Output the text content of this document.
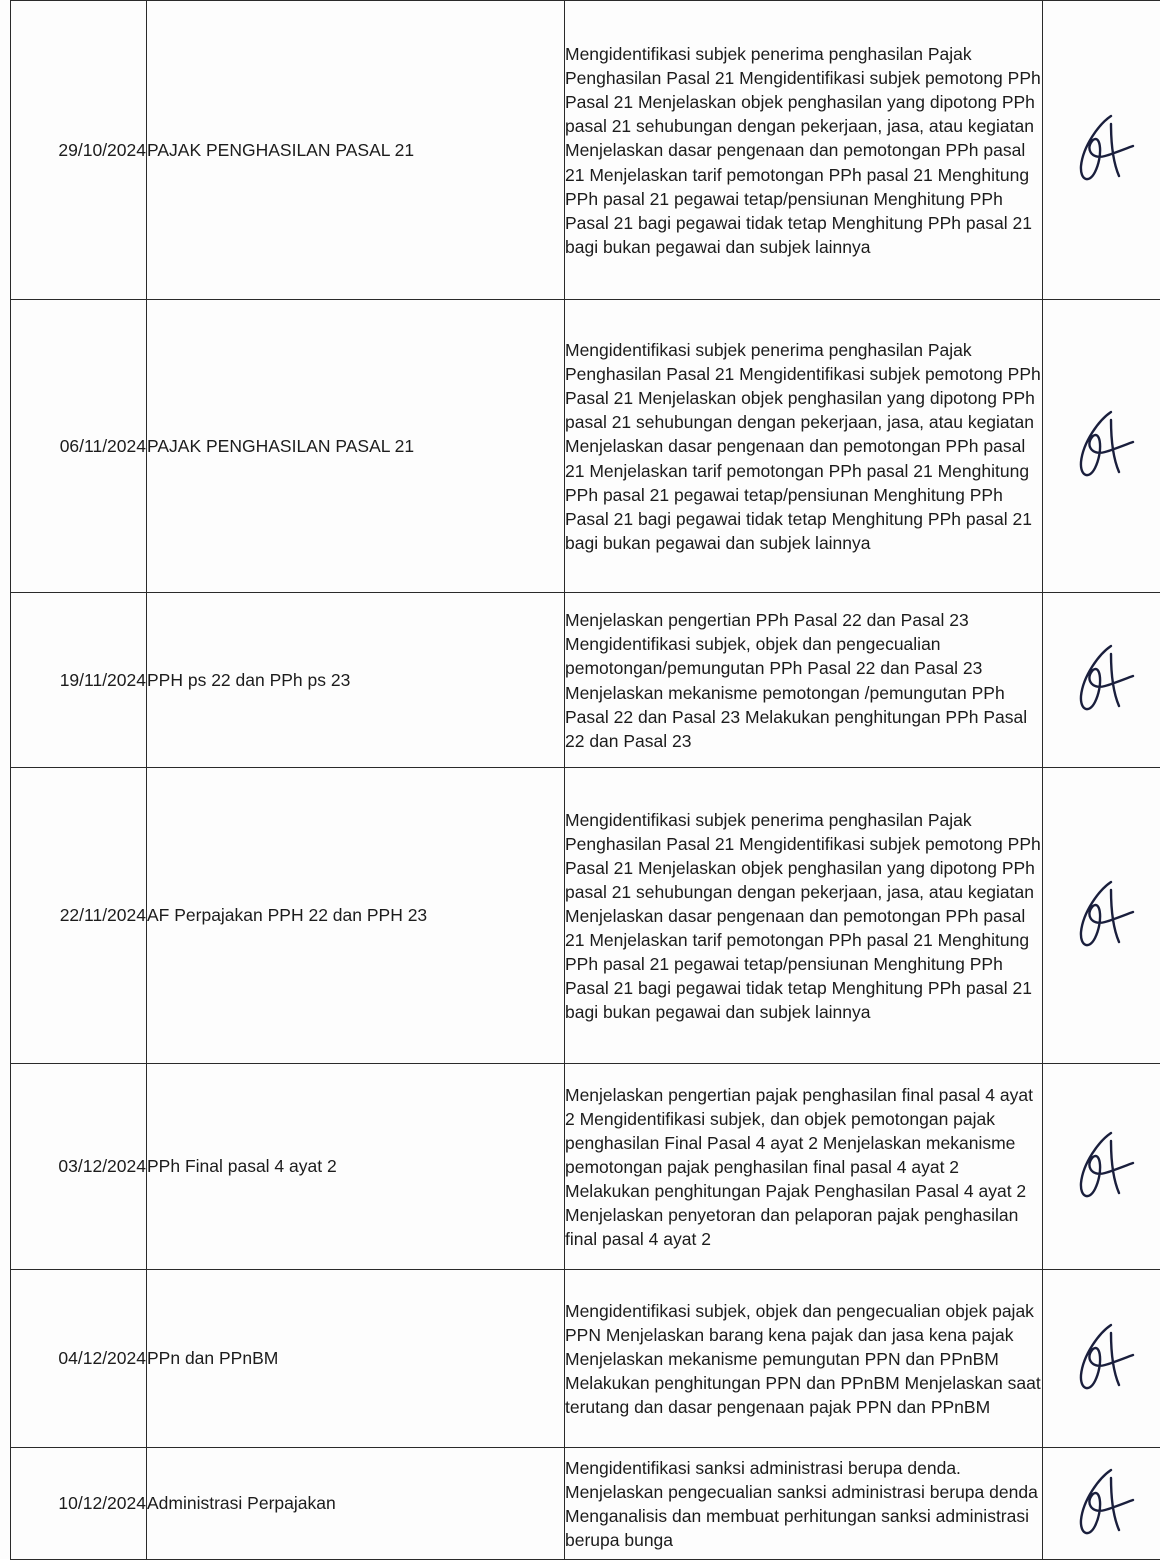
29/10/2024	PAJAK PENGHASILAN PASAL 21	Mengidentifikasi subjek penerima penghasilan Pajak Penghasilan Pasal 21 Mengidentifikasi subjek pemotong PPh Pasal 21 Menjelaskan objek penghasilan yang dipotong PPh pasal 21 sehubungan dengan pekerjaan, jasa, atau kegiatan Menjelaskan dasar pengenaan dan pemotongan PPh pasal 21 Menjelaskan tarif pemotongan PPh pasal 21 Menghitung PPh pasal 21 pegawai tetap/pensiunan Menghitung PPh Pasal 21 bagi pegawai tidak tetap Menghitung PPh pasal 21 bagi bukan pegawai dan subjek lainnya

06/11/2024	PAJAK PENGHASILAN PASAL 21	Mengidentifikasi subjek penerima penghasilan Pajak Penghasilan Pasal 21 Mengidentifikasi subjek pemotong PPh Pasal 21 Menjelaskan objek penghasilan yang dipotong PPh pasal 21 sehubungan dengan pekerjaan, jasa, atau kegiatan Menjelaskan dasar pengenaan dan pemotongan PPh pasal 21 Menjelaskan tarif pemotongan PPh pasal 21 Menghitung PPh pasal 21 pegawai tetap/pensiunan Menghitung PPh Pasal 21 bagi pegawai tidak tetap Menghitung PPh pasal 21 bagi bukan pegawai dan subjek lainnya

19/11/2024	PPH ps 22 dan PPh ps 23	Menjelaskan pengertian PPh Pasal 22 dan Pasal 23 Mengidentifikasi subjek, objek dan pengecualian pemotongan/pemungutan PPh Pasal 22 dan Pasal 23 Menjelaskan mekanisme pemotongan /pemungutan PPh Pasal 22 dan Pasal 23 Melakukan penghitungan PPh Pasal 22 dan Pasal 23

22/11/2024	AF Perpajakan PPH 22 dan PPH 23	Mengidentifikasi subjek penerima penghasilan Pajak Penghasilan Pasal 21 Mengidentifikasi subjek pemotong PPh Pasal 21 Menjelaskan objek penghasilan yang dipotong PPh pasal 21 sehubungan dengan pekerjaan, jasa, atau kegiatan Menjelaskan dasar pengenaan dan pemotongan PPh pasal 21 Menjelaskan tarif pemotongan PPh pasal 21 Menghitung PPh pasal 21 pegawai tetap/pensiunan Menghitung PPh Pasal 21 bagi pegawai tidak tetap Menghitung PPh pasal 21 bagi bukan pegawai dan subjek lainnya

03/12/2024	PPh Final pasal 4 ayat 2	Menjelaskan pengertian pajak penghasilan final pasal 4 ayat 2 Mengidentifikasi subjek, dan objek pemotongan pajak penghasilan Final Pasal 4 ayat 2 Menjelaskan mekanisme pemotongan pajak penghasilan final pasal 4 ayat 2 Melakukan penghitungan Pajak Penghasilan Pasal 4 ayat 2 Menjelaskan penyetoran dan pelaporan pajak penghasilan final pasal 4 ayat 2

04/12/2024	PPn dan PPnBM	Mengidentifikasi subjek, objek dan pengecualian objek pajak PPN Menjelaskan barang kena pajak dan jasa kena pajak Menjelaskan mekanisme pemungutan PPN dan PPnBM Melakukan penghitungan PPN dan PPnBM Menjelaskan saat terutang dan dasar pengenaan pajak PPN dan PPnBM

10/12/2024	Administrasi Perpajakan	Mengidentifikasi sanksi administrasi berupa denda. Menjelaskan pengecualian sanksi administrasi berupa denda Menganalisis dan membuat perhitungan sanksi administrasi berupa bunga
